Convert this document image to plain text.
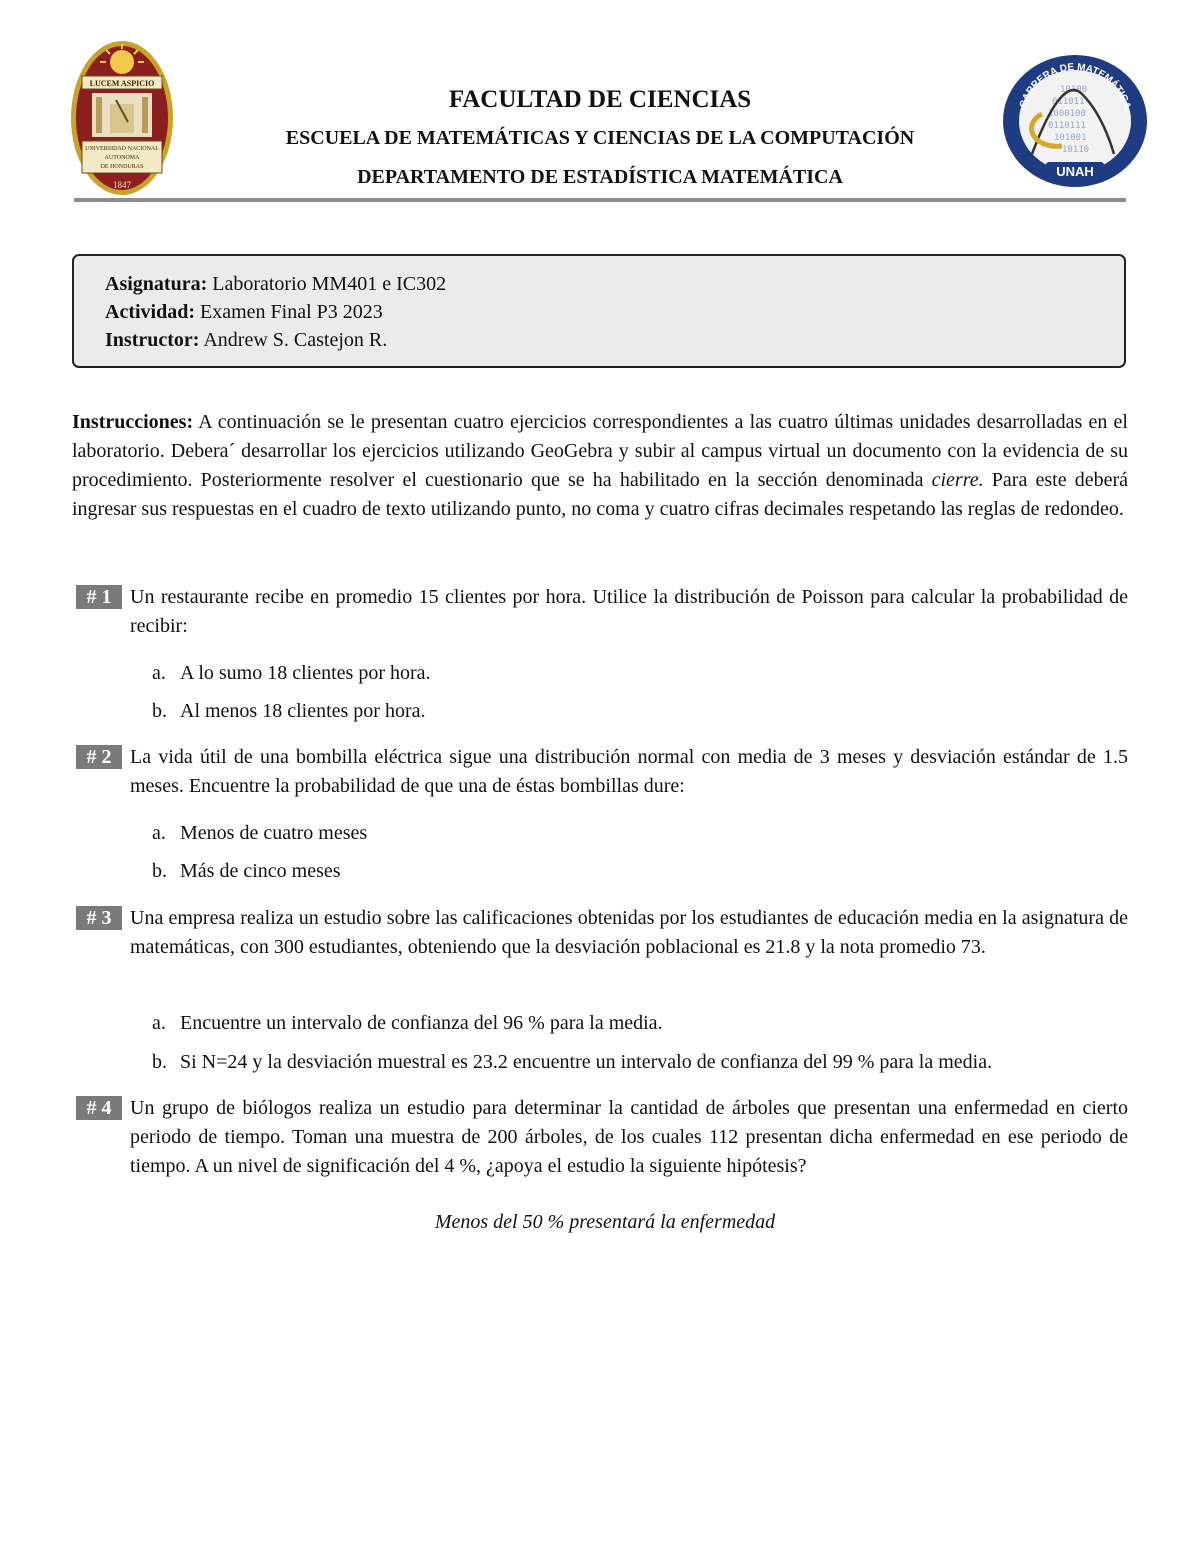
LUCEM ASPICIO
UNIVERSIDAD NACIONAL
AUTONOMA
DE HONDURAS
1847
CARRERA DE MATEMÁTICA
10100
011011
1000100
0110111
101001
10110
UNAH
FACULTAD DE CIENCIAS
ESCUELA DE MATEMÁTICAS Y CIENCIAS DE LA COMPUTACIÓN
DEPARTAMENTO DE ESTADÍSTICA MATEMÁTICA
Asignatura: Laboratorio MM401 e IC302
Actividad: Examen Final P3 2023
Instructor: Andrew S. Castejon R.
Instrucciones: A continuación se le presentan cuatro ejercicios correspondientes a las cuatro últimas unidades desarrolladas en el laboratorio. Debera´ desarrollar los ejercicios utilizando GeoGebra y subir al campus virtual un documento con la evidencia de su procedimiento. Posteriormente resolver el cuestionario que se ha habilitado en la sección denominada cierre. Para este deberá ingresar sus respuestas en el cuadro de texto utilizando punto, no coma y cuatro cifras decimales respetando las reglas de redondeo.
# 1 Un restaurante recibe en promedio 15 clientes por hora. Utilice la distribución de Poisson para calcular la probabilidad de recibir:
a. A lo sumo 18 clientes por hora.
b. Al menos 18 clientes por hora.
# 2 La vida útil de una bombilla eléctrica sigue una distribución normal con media de 3 meses y desviación estándar de 1.5 meses. Encuentre la probabilidad de que una de éstas bombillas dure:
a. Menos de cuatro meses
b. Más de cinco meses
# 3 Una empresa realiza un estudio sobre las calificaciones obtenidas por los estudiantes de educación media en la asignatura de matemáticas, con 300 estudiantes, obteniendo que la desviación poblacional es 21.8 y la nota promedio 73.
a. Encuentre un intervalo de confianza del 96 % para la media.
b. Si N=24 y la desviación muestral es 23.2 encuentre un intervalo de confianza del 99 % para la media.
# 4 Un grupo de biólogos realiza un estudio para determinar la cantidad de árboles que presentan una enfermedad en cierto periodo de tiempo. Toman una muestra de 200 árboles, de los cuales 112 presentan dicha enfermedad en ese periodo de tiempo. A un nivel de significación del 4 %, ¿apoya el estudio la siguiente hipótesis?
Menos del 50 % presentará la enfermedad
